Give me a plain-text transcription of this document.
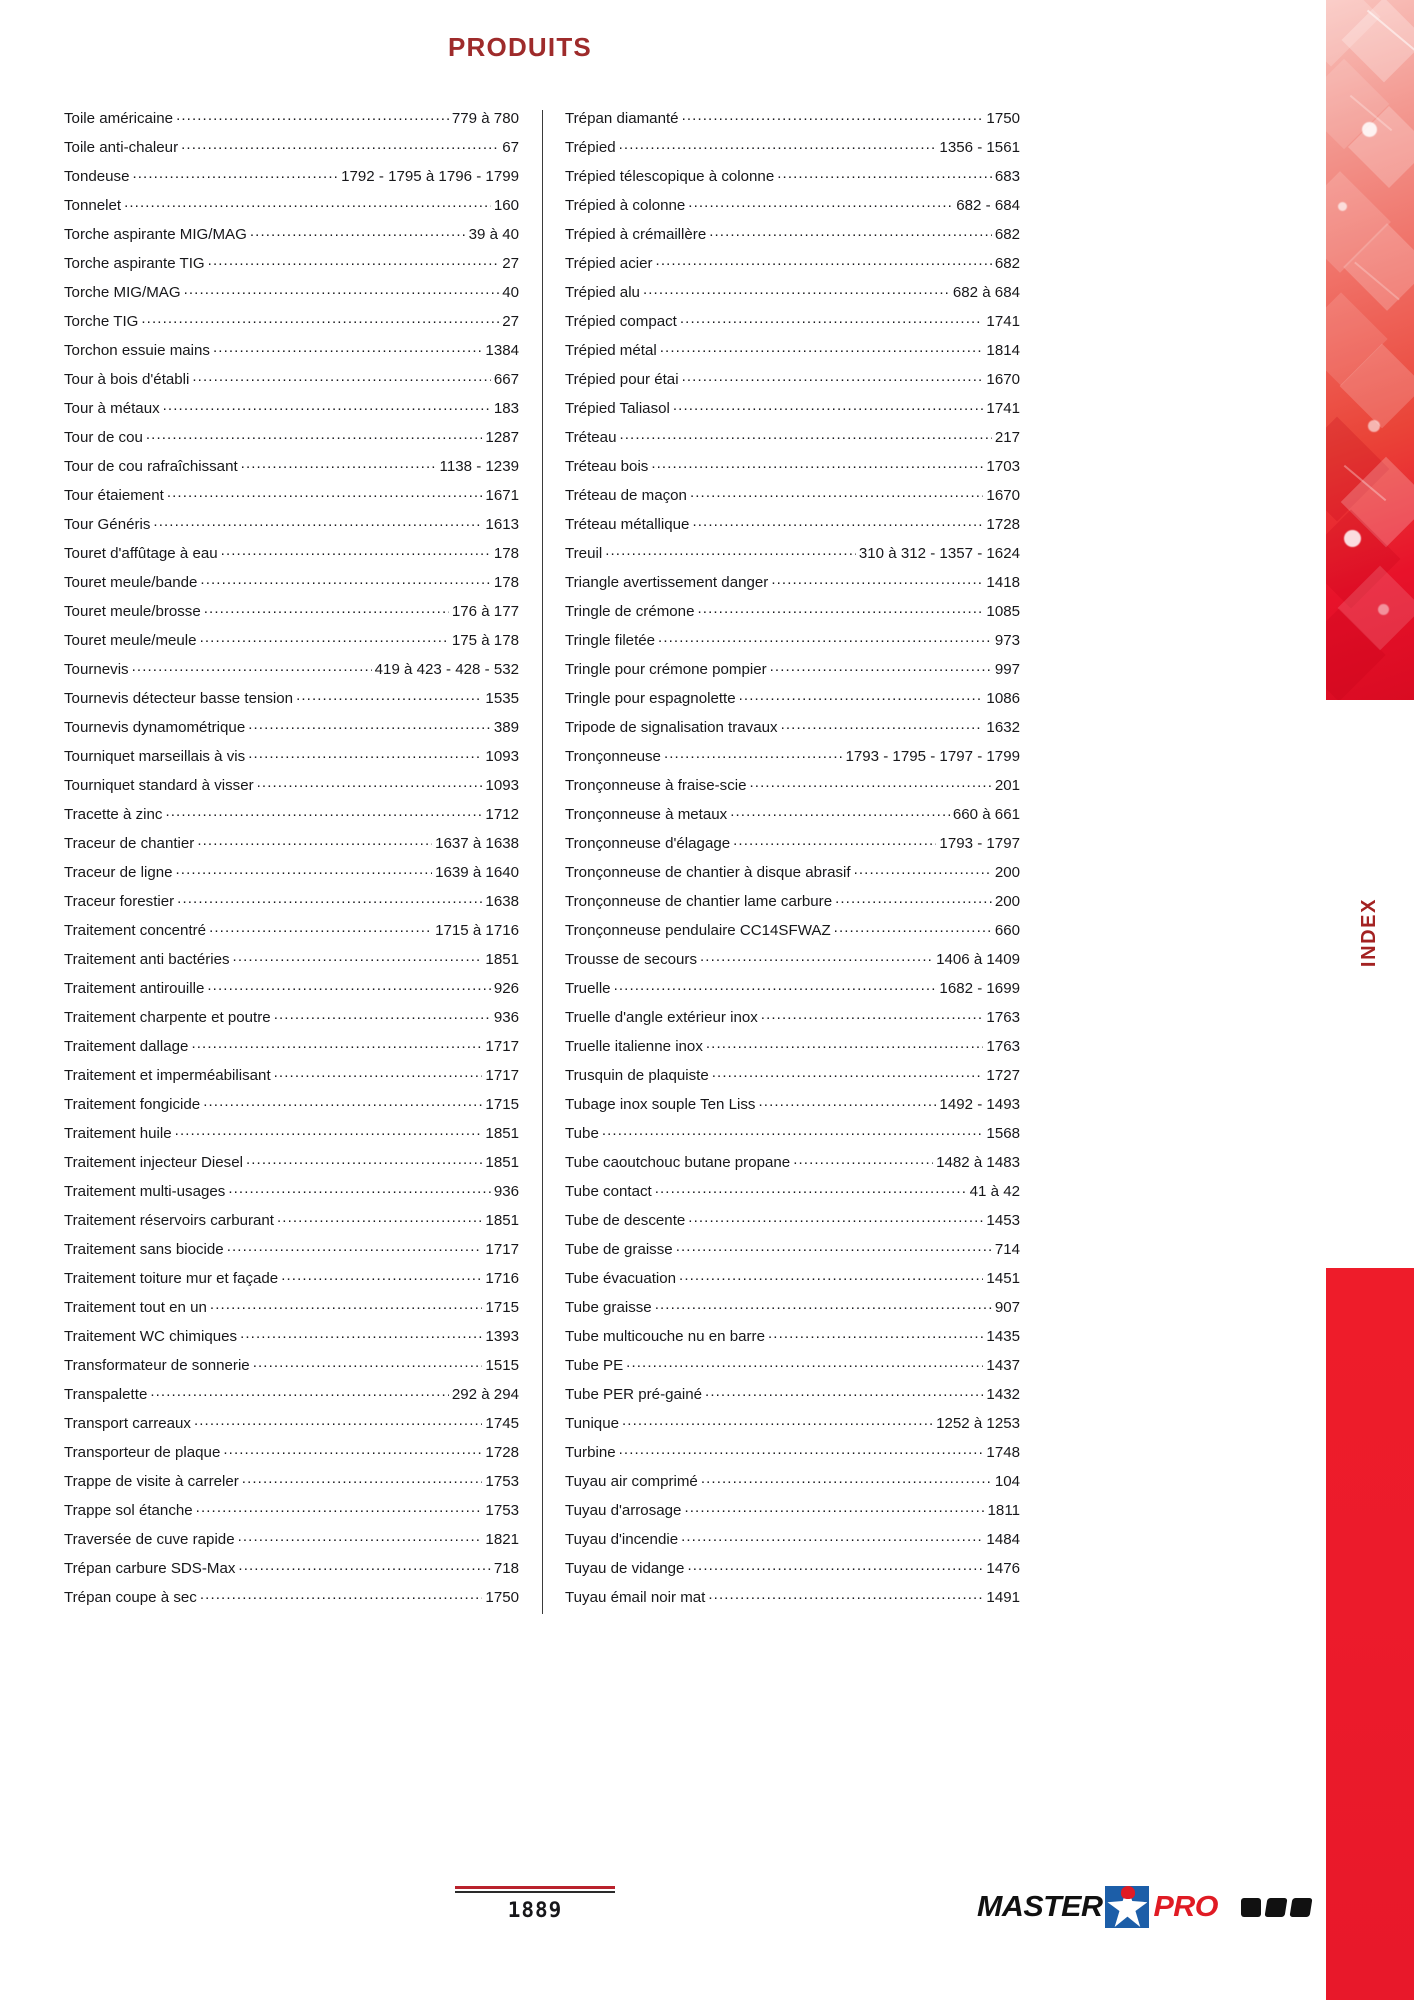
PRODUITS
Toile américaine .....	779 à 780
Toile anti-chaleur .....	67
Tondeuse .....	1792 - 1795 à 1796 - 1799
Tonnelet .....	160
Torche aspirante MIG/MAG .....	39 à 40
Torche aspirante TIG .....	27
Torche MIG/MAG .....	40
Torche TIG .....	27
Torchon essuie mains .....	1384
Tour à bois d'établi .....	667
Tour à métaux .....	183
Tour de cou .....	1287
Tour de cou rafraîchissant .....	1138 - 1239
Tour étaiement .....	1671
Tour Généris .....	1613
Touret d'affûtage à eau .....	178
Touret meule/bande .....	178
Touret meule/brosse .....	176 à 177
Touret meule/meule .....	175 à 178
Tournevis .....	419 à 423 - 428 - 532
Tournevis détecteur basse tension .....	1535
Tournevis dynamométrique .....	389
Tourniquet marseillais à vis .....	1093
Tourniquet standard à visser .....	1093
Tracette à zinc .....	1712
Traceur de chantier .....	1637 à 1638
Traceur de ligne .....	1639 à 1640
Traceur forestier .....	1638
Traitement concentré .....	1715 à 1716
Traitement anti bactéries .....	1851
Traitement antirouille .....	926
Traitement charpente et poutre .....	936
Traitement dallage .....	1717
Traitement et imperméabilisant .....	1717
Traitement fongicide .....	1715
Traitement huile .....	1851
Traitement injecteur Diesel .....	1851
Traitement multi-usages .....	936
Traitement réservoirs carburant .....	1851
Traitement sans biocide .....	1717
Traitement toiture mur et façade .....	1716
Traitement tout en un .....	1715
Traitement WC chimiques .....	1393
Transformateur de sonnerie .....	1515
Transpalette .....	292 à 294
Transport carreaux .....	1745
Transporteur de plaque .....	1728
Trappe de visite à carreler .....	1753
Trappe sol étanche .....	1753
Traversée de cuve rapide .....	1821
Trépan carbure SDS-Max .....	718
Trépan coupe à sec .....	1750
Trépan diamanté .....	1750
Trépied .....	1356 - 1561
Trépied télescopique à colonne .....	683
Trépied à colonne .....	682 - 684
Trépied à crémaillère .....	682
Trépied acier .....	682
Trépied alu .....	682 à 684
Trépied compact .....	1741
Trépied métal .....	1814
Trépied pour étai .....	1670
Trépied Taliasol .....	1741
Tréteau .....	217
Tréteau bois .....	1703
Tréteau de maçon .....	1670
Tréteau métallique .....	1728
Treuil .....	310 à 312 - 1357 - 1624
Triangle avertissement danger .....	1418
Tringle de crémone .....	1085
Tringle filetée .....	973
Tringle pour crémone pompier .....	997
Tringle pour espagnolette .....	1086
Tripode de signalisation travaux .....	1632
Tronçonneuse .....	1793 - 1795 - 1797 - 1799
Tronçonneuse à fraise-scie .....	201
Tronçonneuse à metaux .....	660 à 661
Tronçonneuse d'élagage .....	1793 - 1797
Tronçonneuse de chantier à disque abrasif .....	200
Tronçonneuse de chantier lame carbure .....	200
Tronçonneuse pendulaire CC14SFWAZ .....	660
Trousse de secours .....	1406 à 1409
Truelle .....	1682 - 1699
Truelle d'angle extérieur inox .....	1763
Truelle italienne inox .....	1763
Trusquin de plaquiste .....	1727
Tubage inox souple Ten Liss .....	1492 - 1493
Tube .....	1568
Tube caoutchouc butane propane .....	1482 à 1483
Tube contact .....	41 à 42
Tube de descente .....	1453
Tube de graisse .....	714
Tube évacuation .....	1451
Tube graisse .....	907
Tube multicouche nu en barre .....	1435
Tube PE .....	1437
Tube PER pré-gainé .....	1432
Tunique .....	1252 à 1253
Turbine .....	1748
Tuyau air comprimé .....	104
Tuyau d'arrosage .....	1811
Tuyau d'incendie .....	1484
Tuyau de vidange .....	1476
Tuyau émail noir mat .....	1491
INDEX
1889	MASTER PRO
